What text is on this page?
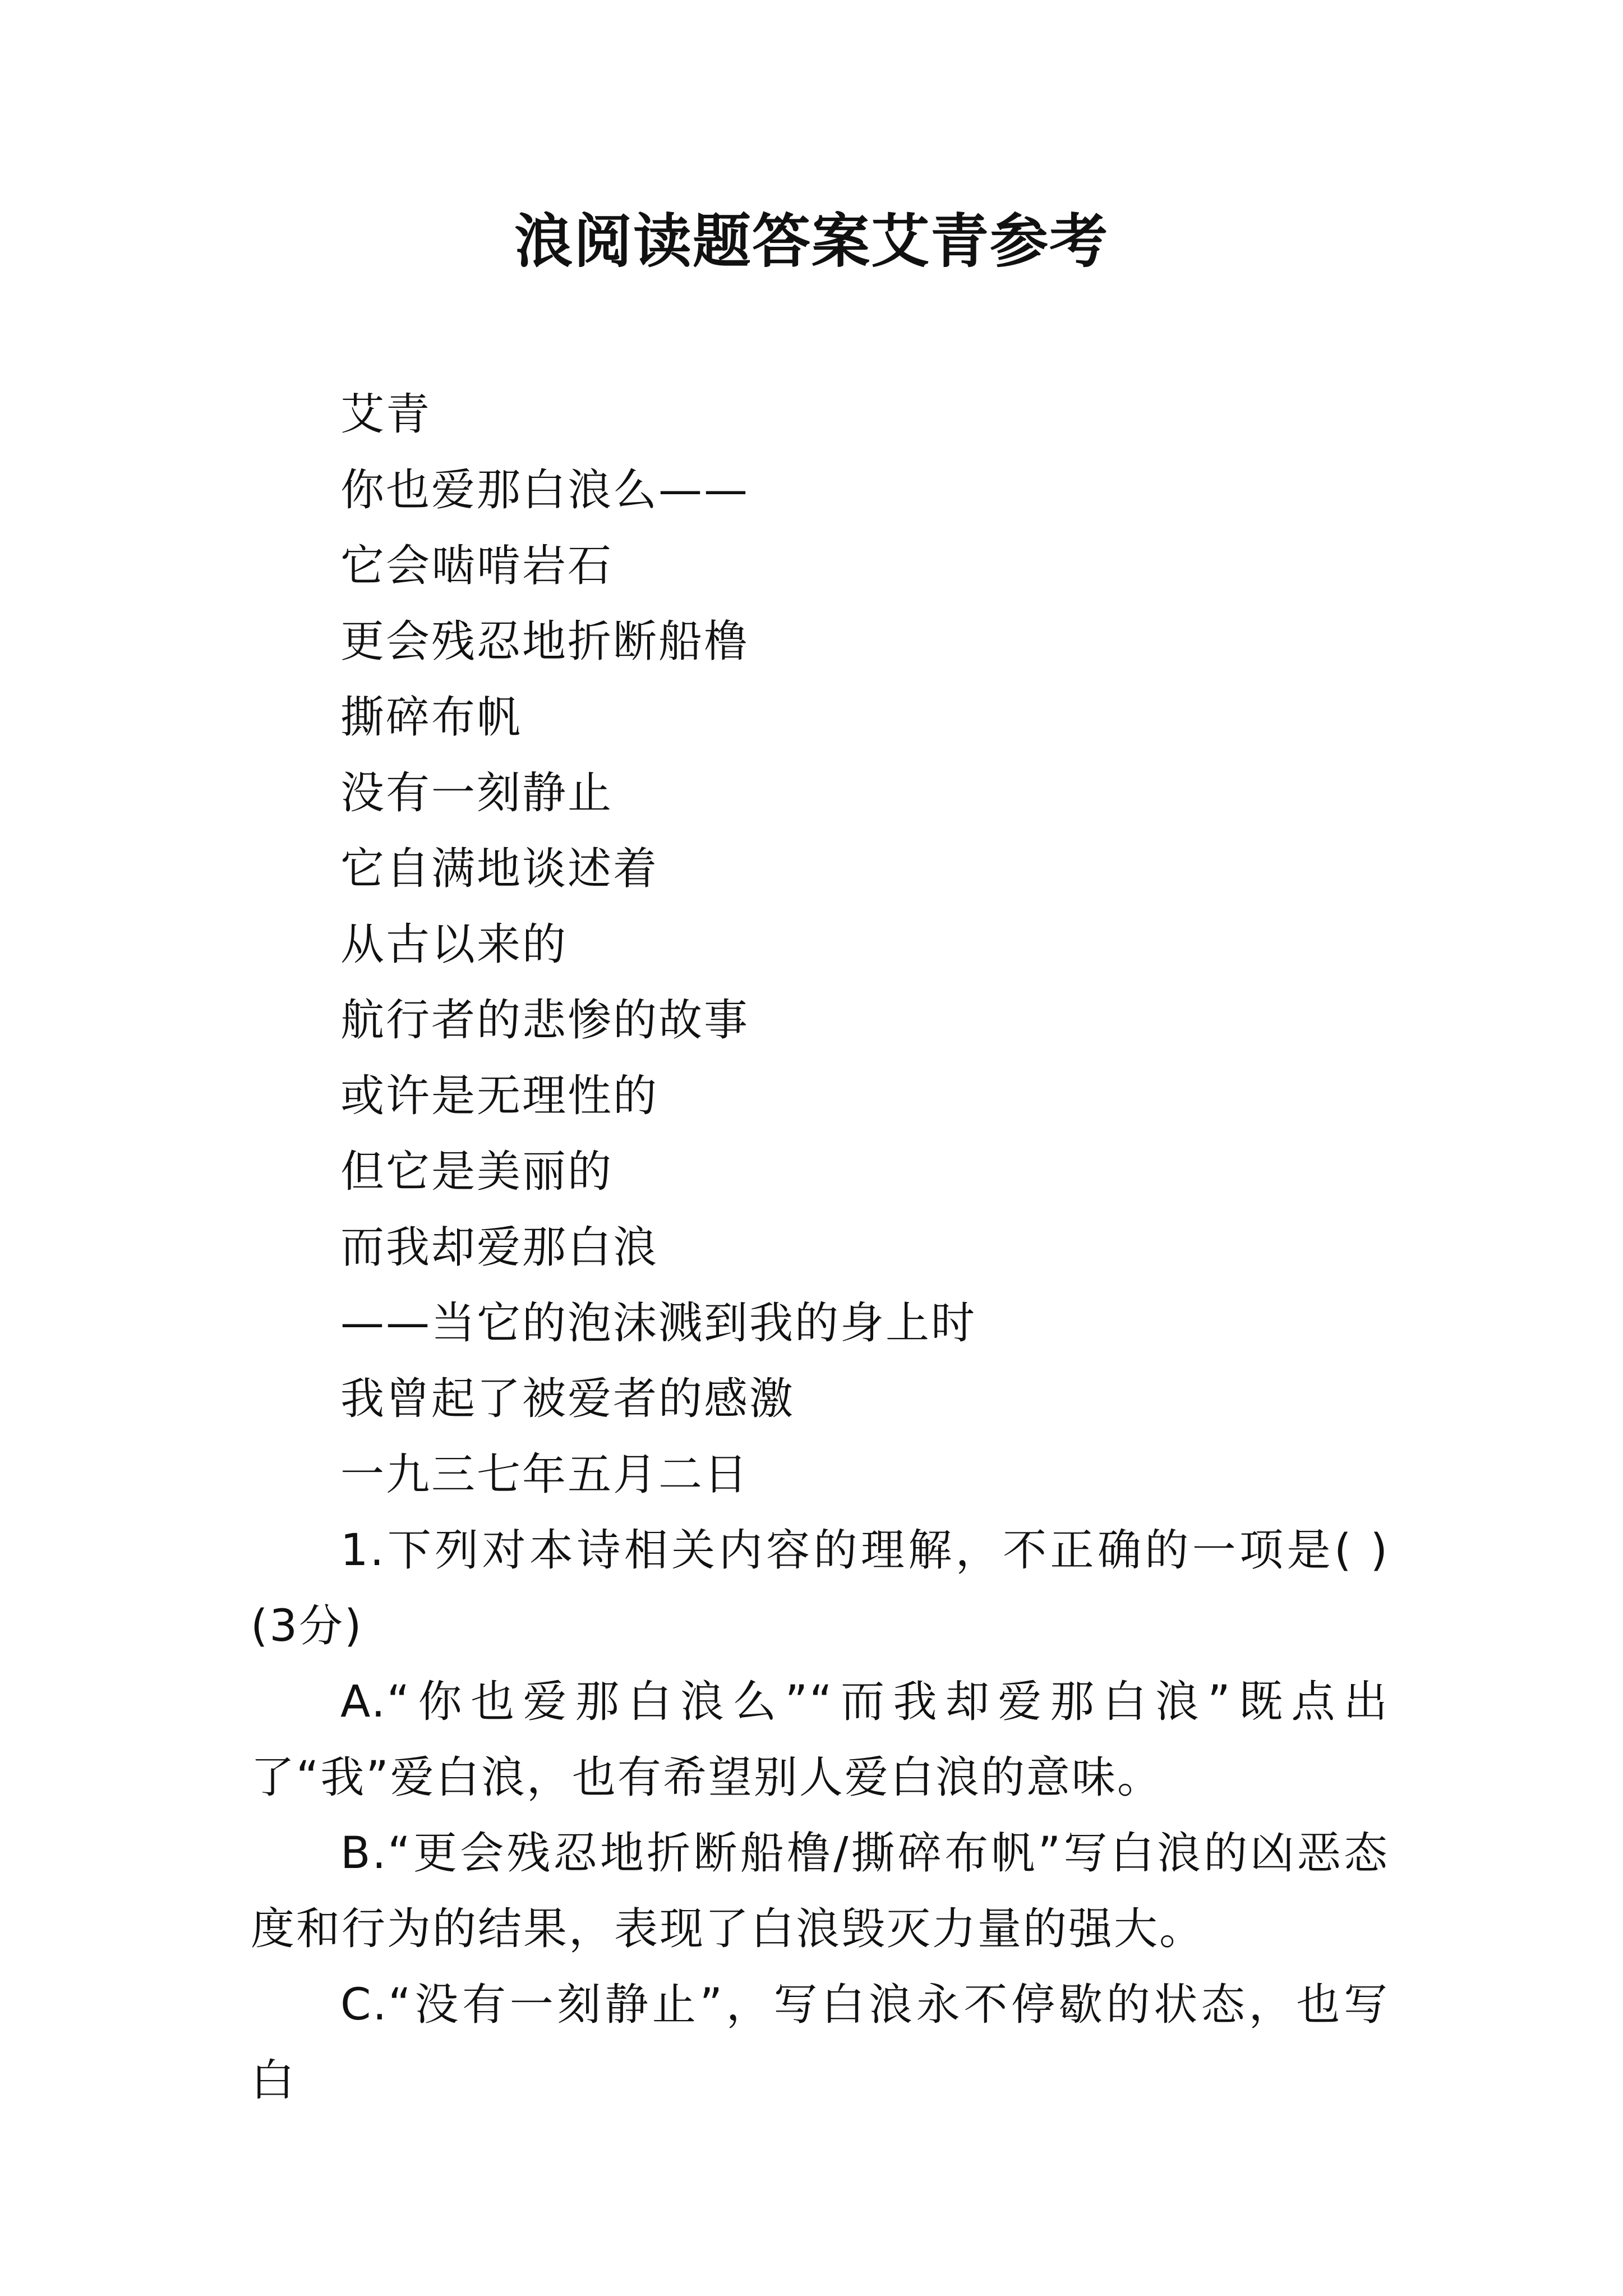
浪阅读题答案艾青参考
艾青
你也爱那白浪么——
它会啮啃岩石
更会残忍地折断船橹
撕碎布帆
没有一刻静止
它自满地谈述着
从古以来的
航行者的悲惨的故事
或许是无理性的
但它是美丽的
而我却爱那白浪
——当它的泡沫溅到我的身上时
我曾起了被爱者的感激
一九三七年五月二日

1.下列对本诗相关内容的理解，不正确的一项是( )(3分)

A.“你也爱那白浪么”“而我却爱那白浪”既点出了“我”爱白浪，也有希望别人爱白浪的意味。

B.“更会残忍地折断船橹/撕碎布帆”写白浪的凶恶态度和行为的结果，表现了白浪毁灭力量的强大。

C.“没有一刻静止”，写白浪永不停歇的状态，也写白
